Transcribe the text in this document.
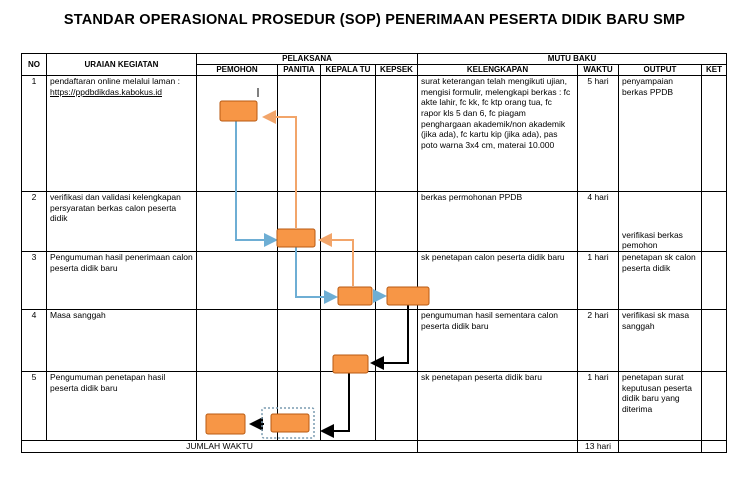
STANDAR OPERASIONAL PROSEDUR (SOP) PENERIMAAN PESERTA DIDIK BARU SMP
NO	URAIAN KEGIATAN	PELAKSANA				MUTU BAKU			
		PEMOHON	PANITIA	KEPALA TU	KEPSEK	KELENGKAPAN	WAKTU	OUTPUT	KET
1	pendaftaran online melalui laman :
https://ppdbdikdas.kabokus.id					surat keterangan telah mengikuti ujian, mengisi formulir, melengkapi berkas : fc akte lahir, fc kk, fc ktp orang tua, fc rapor kls 5 dan 6, fc piagam penghargaan akademik/non akademik (jika ada), fc kartu kip (jika ada), pas poto warna 3x4 cm, materai 10.000	5 hari	penyampaian berkas PPDB	
2	verifikasi dan validasi kelengkapan persyaratan berkas calon peserta didik					berkas permohonan PPDB	4 hari	verifikasi berkas pemohon	
3	Pengumuman hasil penerimaan calon peserta didik baru					sk penetapan calon peserta didik baru	1 hari	penetapan sk calon peserta didik	
4	Masa sanggah					pengumuman hasil sementara calon peserta didik baru	2 hari	verifikasi sk masa sanggah	
5	Pengumuman penetapan hasil peserta didik baru					sk penetapan peserta didik baru	1 hari	penetapan surat keputusan peserta didik baru yang diterima	
JUMLAH WAKTU							13 hari		
